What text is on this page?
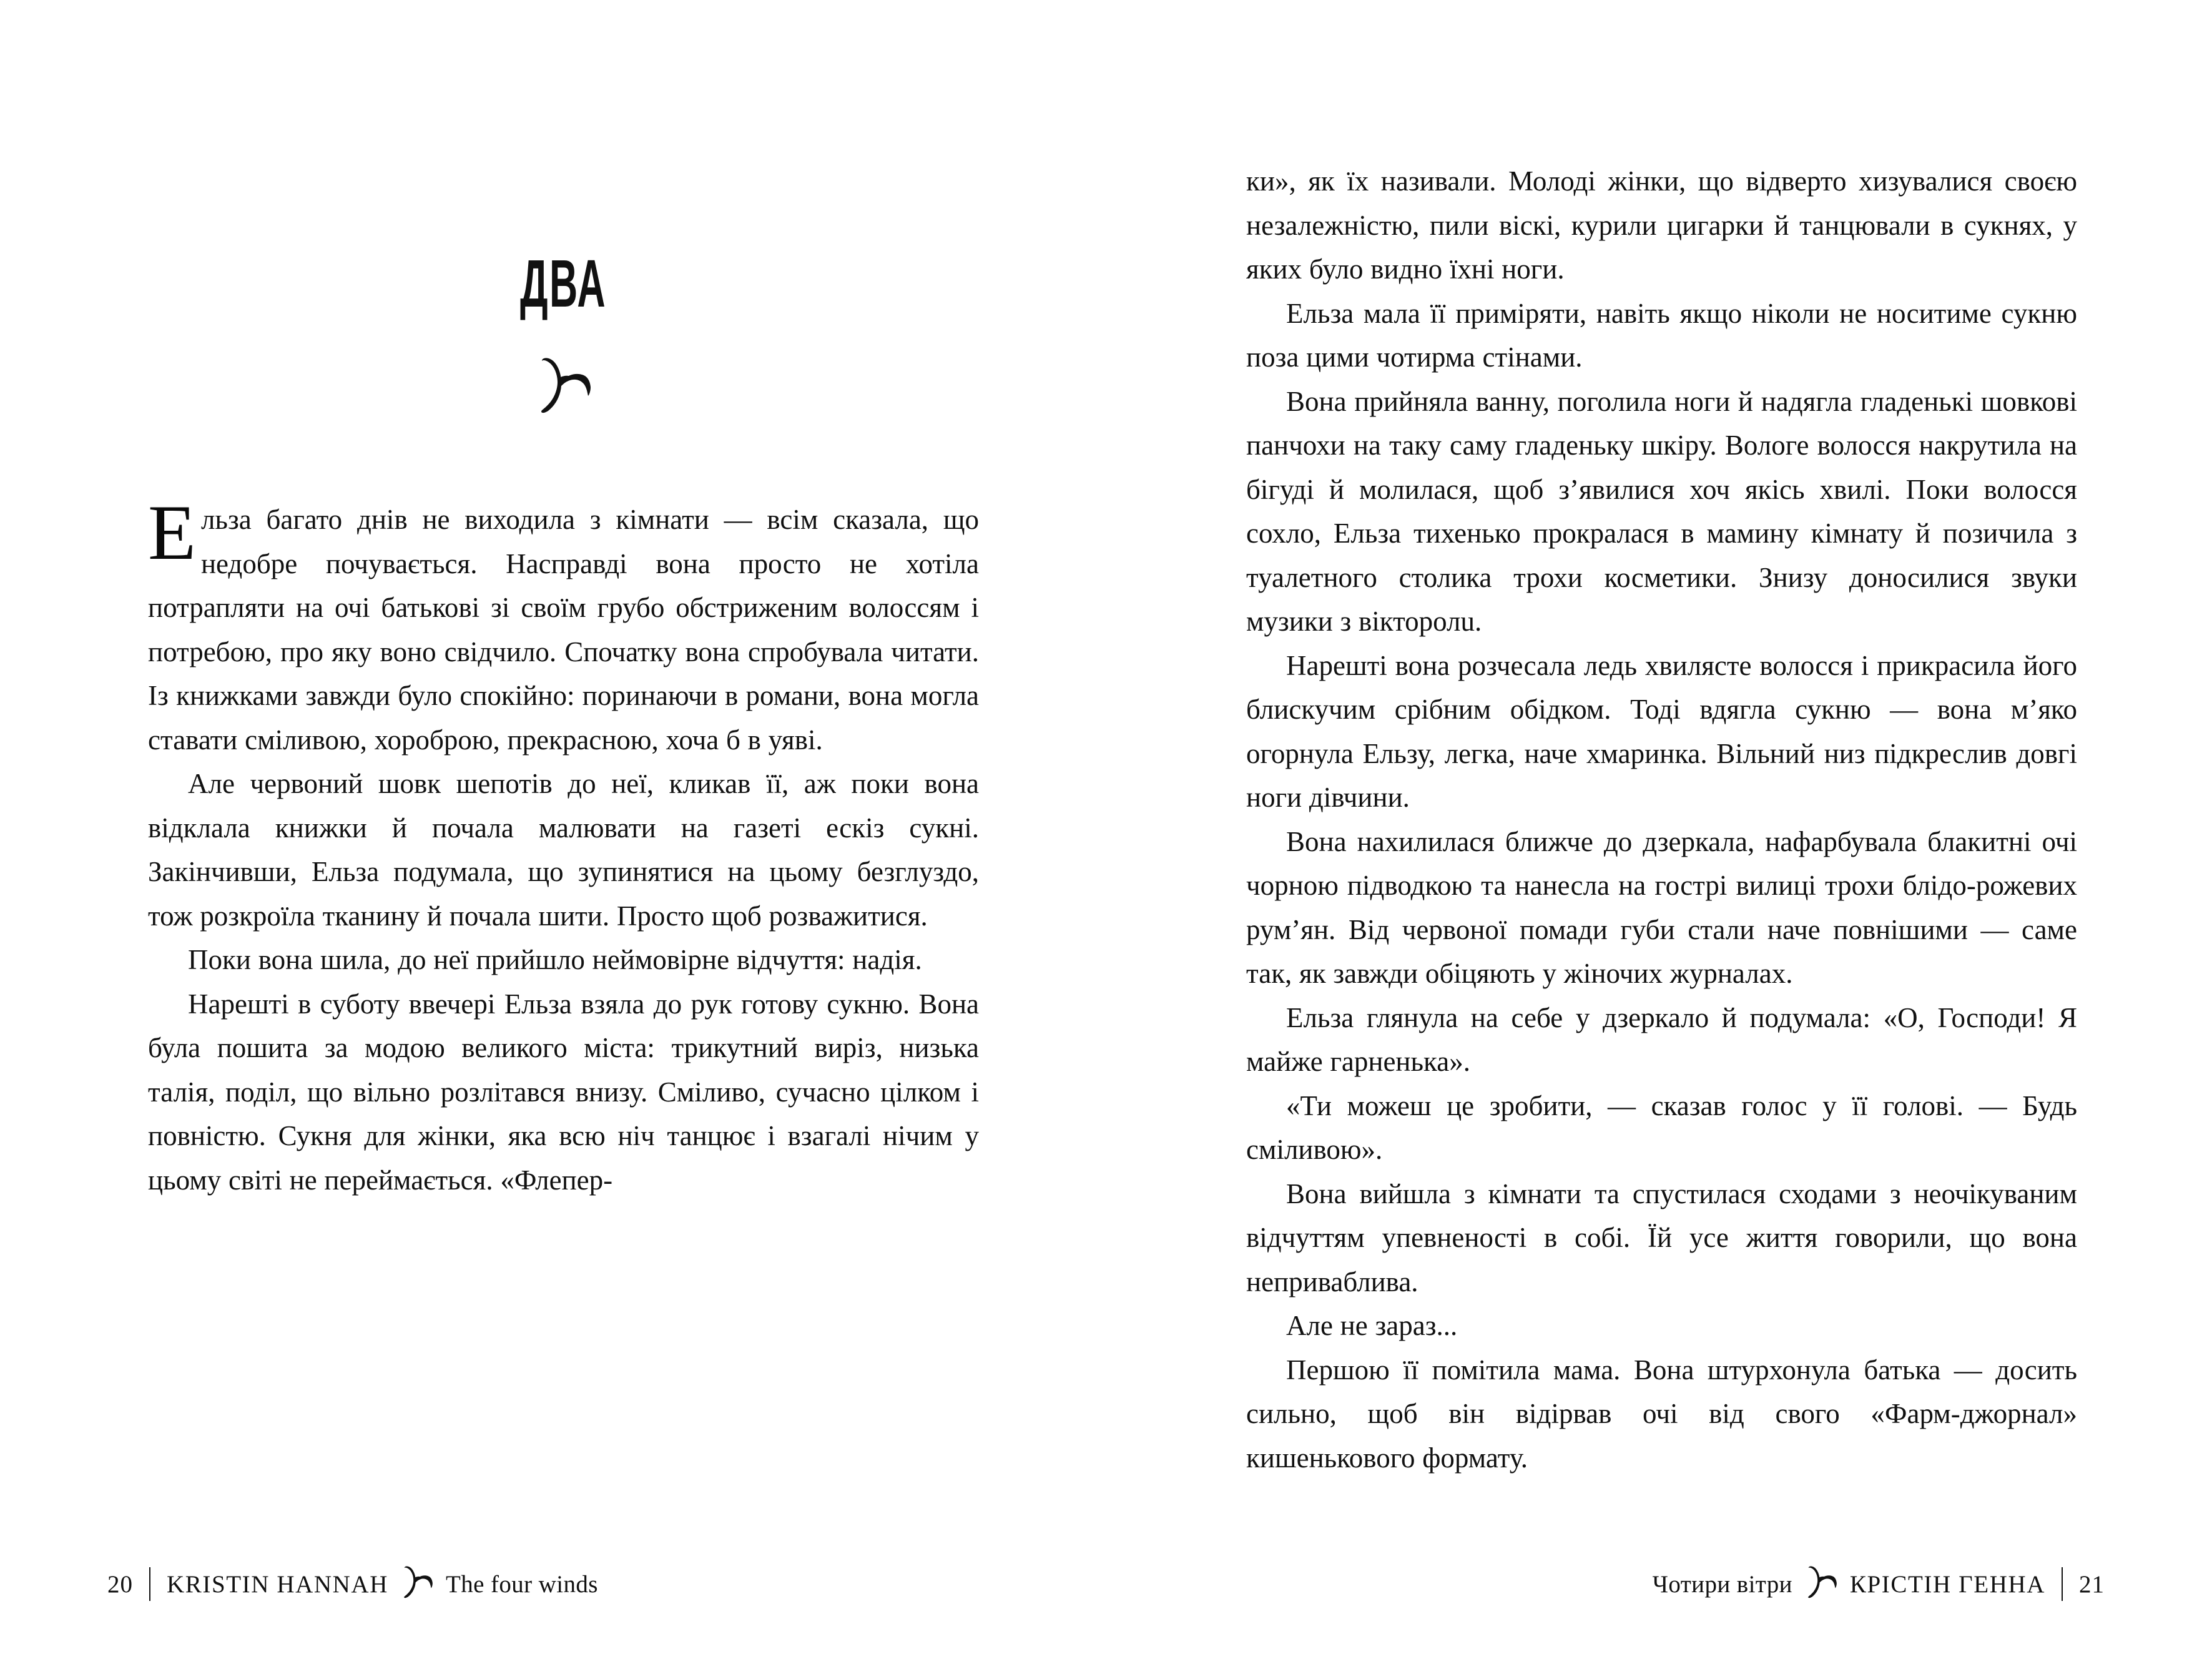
ДВА

Ельза багато днів не виходила з кімнати — всім сказала, що недобре почувається. Насправді вона просто не хотіла потрапляти на очі батькові зі своїм грубо обстриженим волоссям і потребою, про яку воно свідчило. Спочатку вона спробувала читати. Із книжками завжди було спокійно: поринаючи в романи, вона могла ставати сміливою, хороброю, прекрасною, хоча б в уяві.

Але червоний шовк шепотів до неї, кликав її, аж поки вона відклала книжки й почала малювати на газеті ескіз сукні. Закінчивши, Ельза подумала, що зупинятися на цьому безглуздо, тож розкроїла тканину й почала шити. Просто щоб розважитися.

Поки вона шила, до неї прийшло неймовірне відчуття: надія.

Нарешті в суботу ввечері Ельза взяла до рук готову сукню. Вона була пошита за модою великого міста: трикутний виріз, низька талія, поділ, що вільно розлітався внизу. Сміливо, сучасно цілком і повністю. Сукня для жінки, яка всю ніч танцює і взагалі нічим у цьому світі не переймається. «Флепер-

20 KRISTIN HANNAH The four winds

ки», як їх називали. Молоді жінки, що відверто хизувалися своєю незалежністю, пили віскі, курили цигарки й танцювали в сукнях, у яких було видно їхні ноги.

Ельза мала її приміряти, навіть якщо ніколи не носитиме сукню поза цими чотирма стінами.

Вона прийняла ванну, поголила ноги й надягла гладенькі шовкові панчохи на таку саму гладеньку шкіру. Вологе волосся накрутила на бігуді й молилася, щоб з’явилися хоч якісь хвилі. Поки волосся сохло, Ельза тихенько прокралася в мамину кімнату й позичила з туалетного столика трохи косметики. Знизу доносилися звуки музики з вікторолu.

Нарешті вона розчесала ледь хвилясте волосся і прикрасила його блискучим срібним обідком. Тоді вдягла сукню — вона м’яко огорнула Ельзу, легка, наче хмаринка. Вільний низ підкреслив довгі ноги дівчини.

Вона нахилилася ближче до дзеркала, нафарбувала блакитні очі чорною підводкою та нанесла на гострі вилиці трохи блідо-рожевих рум’ян. Від червоної помади губи стали наче повнішими — саме так, як завжди обіцяють у жіночих журналах.

Ельза глянула на себе у дзеркало й подумала: «О, Господи! Я майже гарненька».

«Ти можеш це зробити, — сказав голос у її голові. — Будь сміливою».

Вона вийшла з кімнати та спустилася сходами з неочікуваним відчуттям упевненості в собі. Їй усе життя говорили, що вона неприваблива.

Але не зараз...

Першою її помітила мама. Вона штурхонула батька — досить сильно, щоб він відірвав очі від свого «Фарм-джорнал» кишенькового формату.

Чотири вітри КРІСТІН ГЕННА 21
